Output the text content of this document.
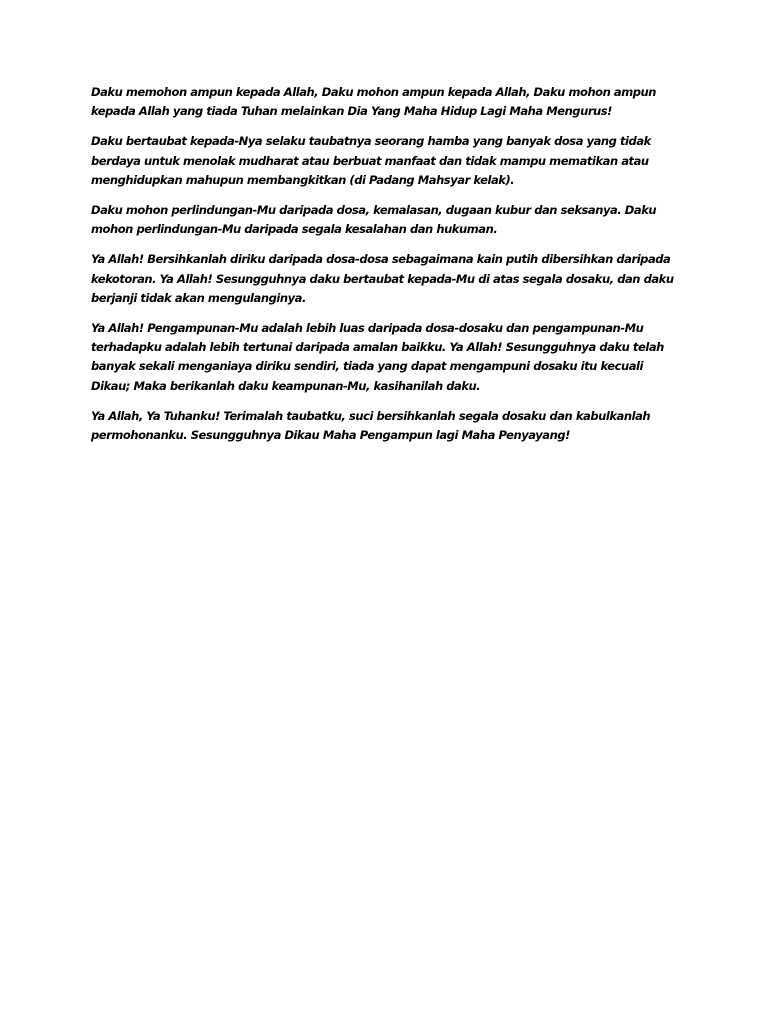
Daku memohon ampun kepada Allah, Daku mohon ampun kepada Allah, Daku mohon ampun kepada Allah yang tiada Tuhan melainkan Dia Yang Maha Hidup Lagi Maha Mengurus!

Daku bertaubat kepada-Nya selaku taubatnya seorang hamba yang banyak dosa yang tidak berdaya untuk menolak mudharat atau berbuat manfaat dan tidak mampu mematikan atau menghidupkan mahupun membangkitkan (di Padang Mahsyar kelak).

Daku mohon perlindungan-Mu daripada dosa, kemalasan, dugaan kubur dan seksanya. Daku mohon perlindungan-Mu daripada segala kesalahan dan hukuman.

Ya Allah! Bersihkanlah diriku daripada dosa-dosa sebagaimana kain putih dibersihkan daripada kekotoran. Ya Allah! Sesungguhnya daku bertaubat kepada-Mu di atas segala dosaku, dan daku berjanji tidak akan mengulanginya.

Ya Allah! Pengampunan-Mu adalah lebih luas daripada dosa-dosaku dan pengampunan-Mu terhadapku adalah lebih tertunai daripada amalan baikku. Ya Allah! Sesungguhnya daku telah banyak sekali menganiaya diriku sendiri, tiada yang dapat mengampuni dosaku itu kecuali Dikau; Maka berikanlah daku keampunan-Mu, kasihanilah daku.

Ya Allah, Ya Tuhanku! Terimalah taubatku, suci bersihkanlah segala dosaku dan kabulkanlah permohonanku. Sesungguhnya Dikau Maha Pengampun lagi Maha Penyayang!
